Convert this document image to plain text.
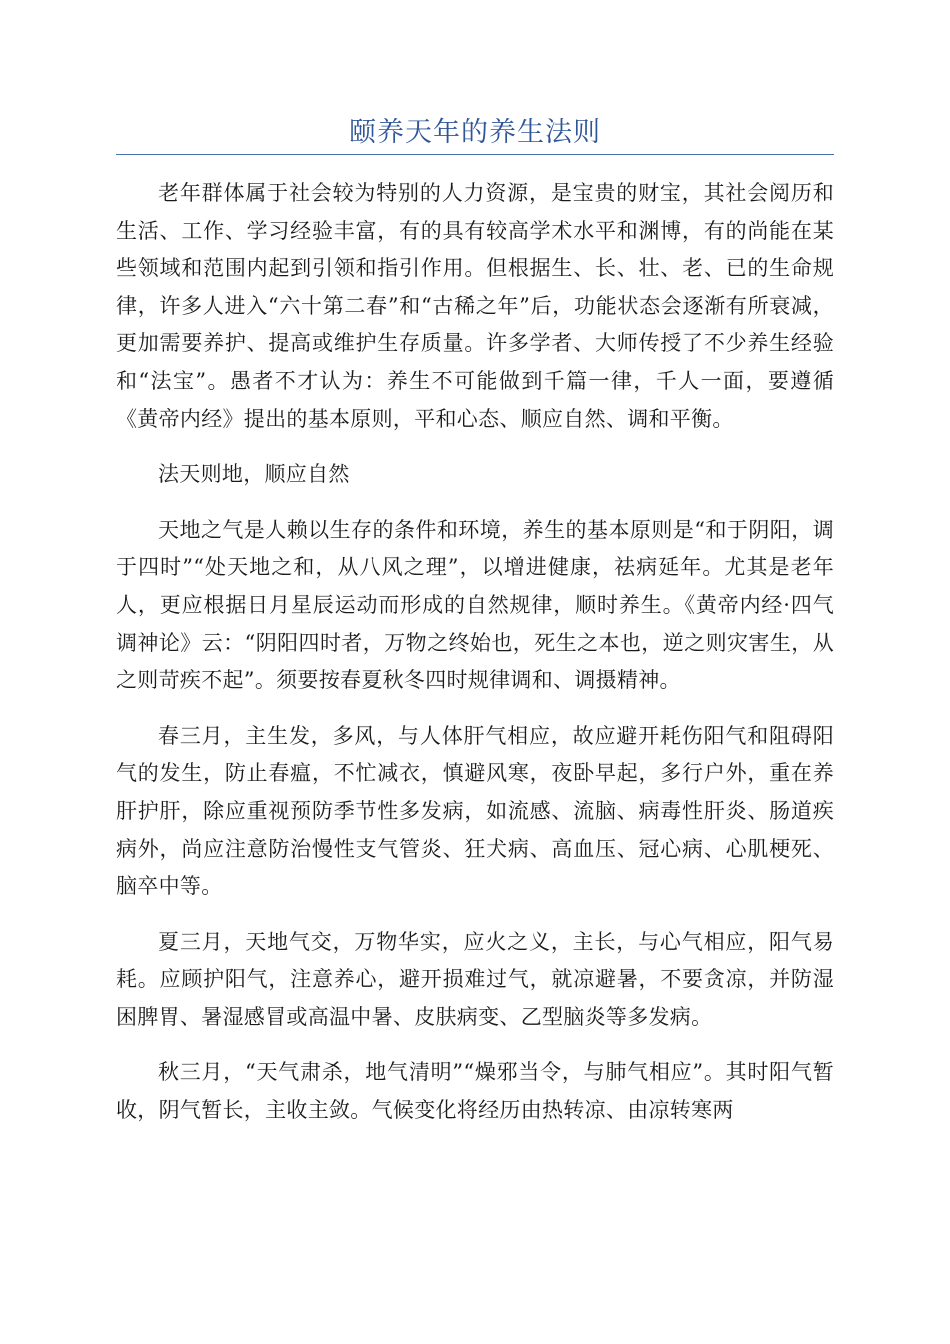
颐养天年的养生法则

老年群体属于社会较为特别的人力资源，是宝贵的财宝，其社会阅历和生活、工作、学习经验丰富，有的具有较高学术水平和渊博，有的尚能在某些领域和范围内起到引领和指引作用。但根据生、长、壮、老、已的生命规律，许多人进入“六十第二春”和“古稀之年”后，功能状态会逐渐有所衰减，更加需要养护、提高或维护生存质量。许多学者、大师传授了不少养生经验和“法宝”。愚者不才认为：养生不可能做到千篇一律，千人一面，要遵循《黄帝内经》提出的基本原则，平和心态、顺应自然、调和平衡。

法天则地，顺应自然

天地之气是人赖以生存的条件和环境，养生的基本原则是“和于阴阳，调于四时”“处天地之和，从八风之理”，以增进健康，祛病延年。尤其是老年人，更应根据日月星辰运动而形成的自然规律，顺时养生。《黄帝内经·四气调神论》云：“阴阳四时者，万物之终始也，死生之本也，逆之则灾害生，从之则苛疾不起”。须要按春夏秋冬四时规律调和、调摄精神。

春三月，主生发，多风，与人体肝气相应，故应避开耗伤阳气和阻碍阳气的发生，防止春瘟，不忙减衣，慎避风寒，夜卧早起，多行户外，重在养肝护肝，除应重视预防季节性多发病，如流感、流脑、病毒性肝炎、肠道疾病外，尚应注意防治慢性支气管炎、狂犬病、高血压、冠心病、心肌梗死、脑卒中等。

夏三月，天地气交，万物华实，应火之义，主长，与心气相应，阳气易耗。应顾护阳气，注意养心，避开损难过气，就凉避暑，不要贪凉，并防湿困脾胃、暑湿感冒或高温中暑、皮肤病变、乙型脑炎等多发病。

秋三月，“天气肃杀，地气清明”“燥邪当令，与肺气相应”。其时阳气暂收，阴气暂长，主收主敛。气候变化将经历由热转凉、由凉转寒两
